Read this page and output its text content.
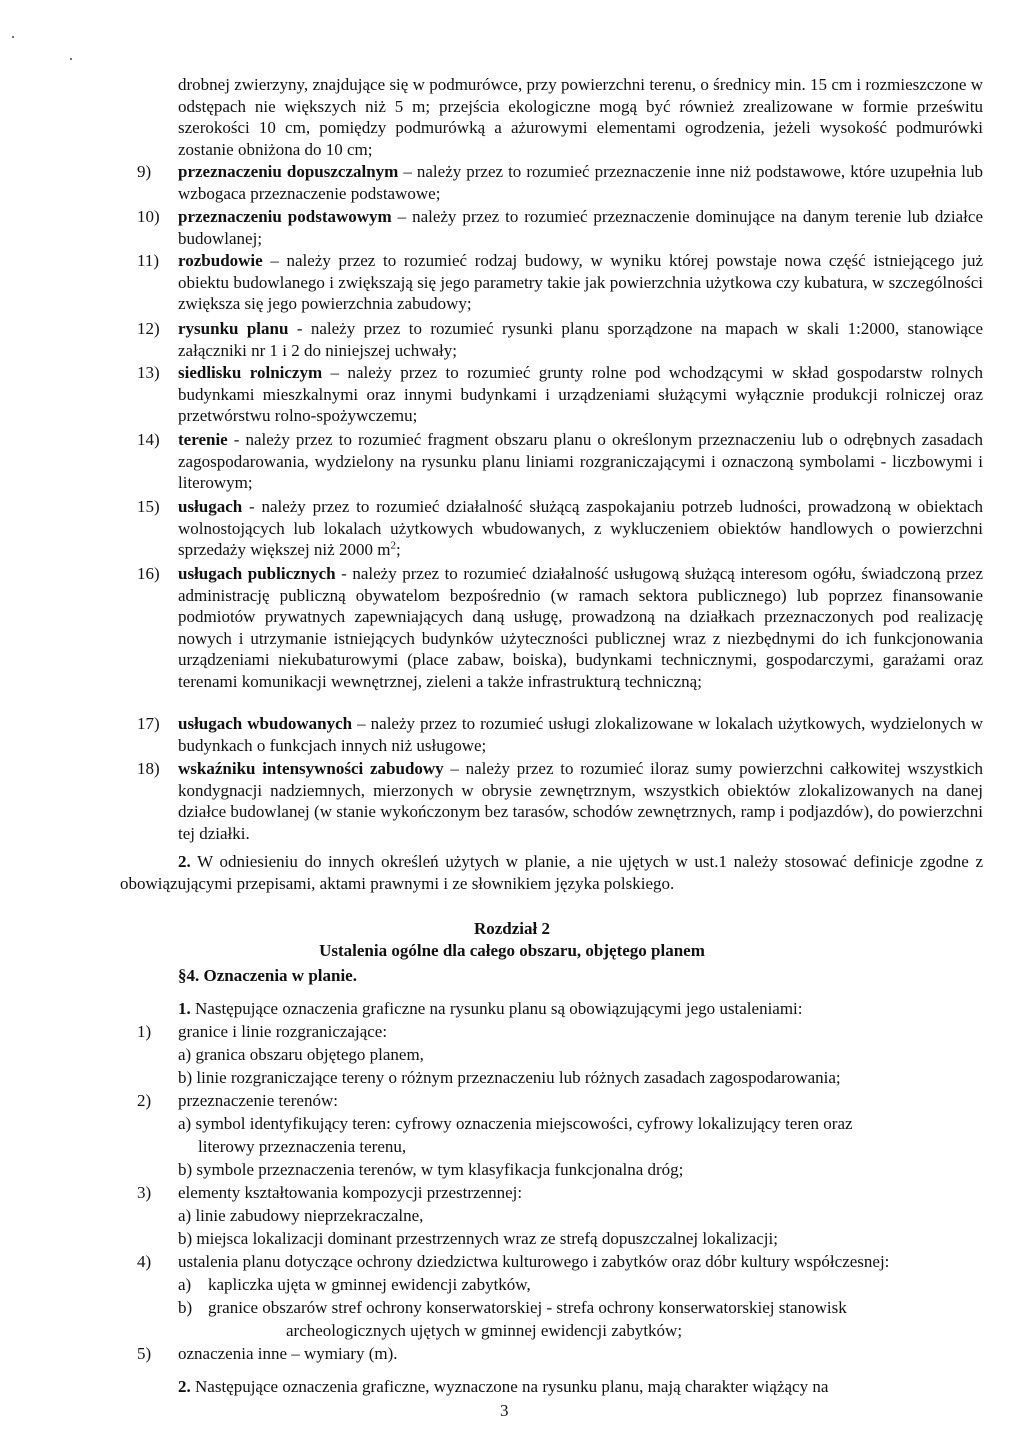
drobnej zwierzyny, znajdujące się w podmurówce, przy powierzchni terenu, o średnicy min. 15 cm i rozmieszczone w odstępach nie większych niż 5 m; przejścia ekologiczne mogą być również zrealizowane w formie prześwitu szerokości 10 cm, pomiędzy podmurówką a ażurowymi elementami ogrodzenia, jeżeli wysokość podmurówki zostanie obniżona do 10 cm;
9) przeznaczeniu dopuszczalnym – należy przez to rozumieć przeznaczenie inne niż podstawowe, które uzupełnia lub wzbogaca przeznaczenie podstawowe;
10) przeznaczeniu podstawowym – należy przez to rozumieć przeznaczenie dominujące na danym terenie lub działce budowlanej;
11) rozbudowie – należy przez to rozumieć rodzaj budowy, w wyniku której powstaje nowa część istniejącego już obiektu budowlanego i zwiększają się jego parametry takie jak powierzchnia użytkowa czy kubatura, w szczególności zwiększa się jego powierzchnia zabudowy;
12) rysunku planu - należy przez to rozumieć rysunki planu sporządzone na mapach w skali 1:2000, stanowiące załączniki nr 1 i 2 do niniejszej uchwały;
13) siedlisku rolniczym – należy przez to rozumieć grunty rolne pod wchodzącymi w skład gospodarstw rolnych budynkami mieszkalnymi oraz innymi budynkami i urządzeniami służącymi wyłącznie produkcji rolniczej oraz przetwórstwu rolno-spożywczemu;
14) terenie - należy przez to rozumieć fragment obszaru planu o określonym przeznaczeniu lub o odrębnych zasadach zagospodarowania, wydzielony na rysunku planu liniami rozgraniczającymi i oznaczoną symbolami - liczbowymi i literowym;
15) usługach - należy przez to rozumieć działalność służącą zaspokajaniu potrzeb ludności, prowadzoną w obiektach wolnostojących lub lokalach użytkowych wbudowanych, z wykluczeniem obiektów handlowych o powierzchni sprzedaży większej niż 2000 $m^2$;
16) usługach publicznych - należy przez to rozumieć działalność usługową służącą interesom ogółu, świadczoną przez administrację publiczną obywatelom bezpośrednio (w ramach sektora publicznego) lub poprzez finansowanie podmiotów prywatnych zapewniających daną usługę, prowadzoną na działkach przeznaczonych pod realizację nowych i utrzymanie istniejących budynków użyteczności publicznej wraz z niezbędnymi do ich funkcjonowania urządzeniami niekubaturowymi (place zabaw, boiska), budynkami technicznymi, gospodarczymi, garażami oraz terenami komunikacji wewnętrznej, zieleni a także infrastrukturą techniczną;
17) usługach wbudowanych – należy przez to rozumieć usługi zlokalizowane w lokalach użytkowych, wydzielonych w budynkach o funkcjach innych niż usługowe;
18) wskaźniku intensywności zabudowy – należy przez to rozumieć iloraz sumy powierzchni całkowitej wszystkich kondygnacji nadziemnych, mierzonych w obrysie zewnętrznym, wszystkich obiektów zlokalizowanych na danej działce budowlanej (w stanie wykończonym bez tarasów, schodów zewnętrznych, ramp i podjazdów), do powierzchni tej działki.
2. W odniesieniu do innych określeń użytych w planie, a nie ujętych w ust.1 należy stosować definicje zgodne z obowiązującymi przepisami, aktami prawnymi i ze słownikiem języka polskiego.
Rozdział 2
Ustalenia ogólne dla całego obszaru, objętego planem
§4. Oznaczenia w planie.
1. Następujące oznaczenia graficzne na rysunku planu są obowiązującymi jego ustaleniami:
1) granice i linie rozgraniczające:
a) granica obszaru objętego planem,
b) linie rozgraniczające tereny o różnym przeznaczeniu lub różnych zasadach zagospodarowania;
2) przeznaczenie terenów:
a) symbol identyfikujący teren: cyfrowy oznaczenia miejscowości, cyfrowy lokalizujący teren oraz
literowy przeznaczenia terenu,
b) symbole przeznaczenia terenów, w tym klasyfikacja funkcjonalna dróg;
3) elementy kształtowania kompozycji przestrzennej:
a) linie zabudowy nieprzekraczalne,
b) miejsca lokalizacji dominant przestrzennych wraz ze strefą dopuszczalnej lokalizacji;
4) ustalenia planu dotyczące ochrony dziedzictwa kulturowego i zabytków oraz dóbr kultury współczesnej:
a) kapliczka ujęta w gminnej ewidencji zabytków,
b) granice obszarów stref ochrony konserwatorskiej - strefa ochrony konserwatorskiej stanowisk
archeologicznych ujętych w gminnej ewidencji zabytków;
5) oznaczenia inne – wymiary (m).
2. Następujące oznaczenia graficzne, wyznaczone na rysunku planu, mają charakter wiążący na
3
